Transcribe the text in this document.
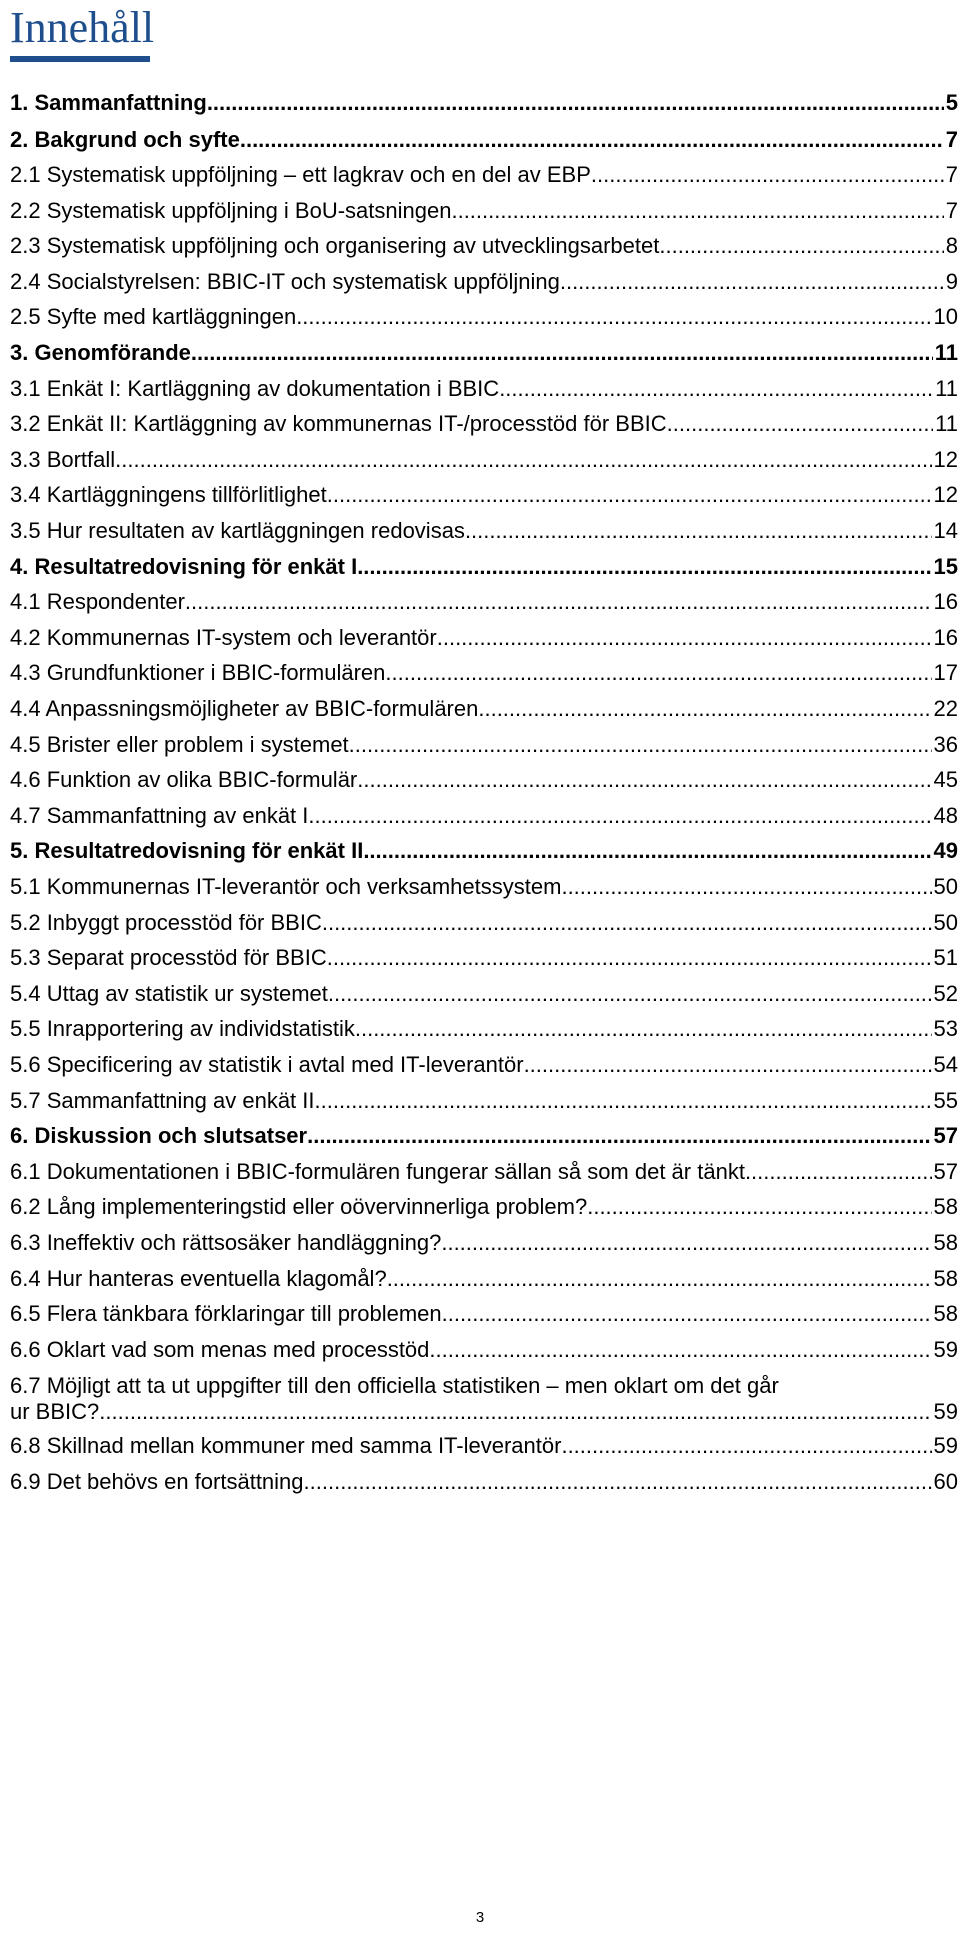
Innehåll
1. Sammanfattning .....	5
2. Bakgrund och syfte .....	7
2.1 Systematisk uppföljning – ett lagkrav och en del av EBP .....	7
2.2 Systematisk uppföljning i BoU-satsningen .....	7
2.3 Systematisk uppföljning och organisering av utvecklingsarbetet .....	8
2.4 Socialstyrelsen: BBIC-IT och systematisk uppföljning .....	9
2.5 Syfte med kartläggningen .....	10
3. Genomförande .....	11
3.1 Enkät I: Kartläggning av dokumentation i BBIC .....	11
3.2 Enkät II: Kartläggning av kommunernas IT-/processtöd för BBIC .....	11
3.3 Bortfall .....	12
3.4 Kartläggningens tillförlitlighet .....	12
3.5 Hur resultaten av kartläggningen redovisas .....	14
4. Resultatredovisning för enkät I .....	15
4.1 Respondenter .....	16
4.2 Kommunernas IT-system och leverantör .....	16
4.3 Grundfunktioner i BBIC-formulären .....	17
4.4 Anpassningsmöjligheter av BBIC-formulären .....	22
4.5 Brister eller problem i systemet .....	36
4.6 Funktion av olika BBIC-formulär .....	45
4.7 Sammanfattning av enkät I .....	48
5. Resultatredovisning för enkät II .....	49
5.1 Kommunernas IT-leverantör och verksamhetssystem .....	50
5.2 Inbyggt processtöd för BBIC .....	50
5.3 Separat processtöd för BBIC .....	51
5.4 Uttag av statistik ur systemet .....	52
5.5 Inrapportering av individstatistik .....	53
5.6 Specificering av statistik i avtal med IT-leverantör .....	54
5.7 Sammanfattning av enkät II .....	55
6. Diskussion och slutsatser .....	57
6.1 Dokumentationen i BBIC-formulären fungerar sällan så som det är tänkt .....	57
6.2 Lång implementeringstid eller oövervinnerliga problem? .....	58
6.3 Ineffektiv och rättsosäker handläggning? .....	58
6.4 Hur hanteras eventuella klagomål? .....	58
6.5 Flera tänkbara förklaringar till problemen .....	58
6.6 Oklart vad som menas med processtöd .....	59
6.7 Möjligt att ta ut uppgifter till den officiella statistiken – men oklart om det går
ur BBIC? .....	59
6.8 Skillnad mellan kommuner med samma IT-leverantör .....	59
6.9 Det behövs en fortsättning .....	60
3
